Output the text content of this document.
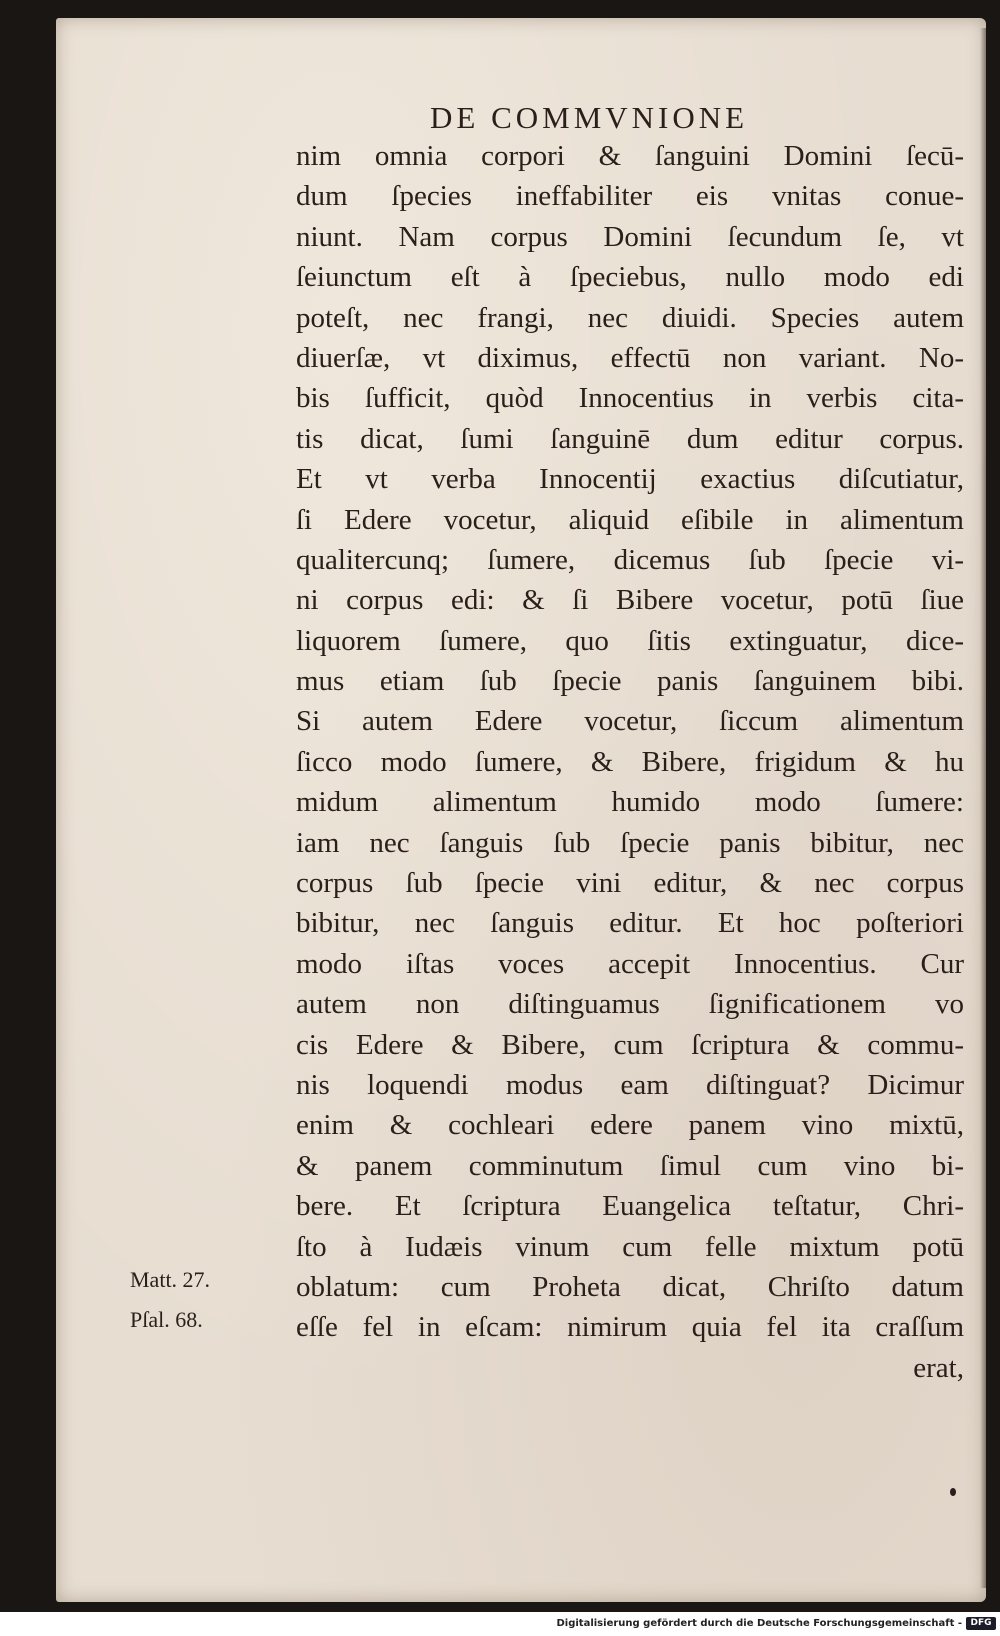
DE COMMVNIONE
nim omnia corpori & ſanguini Domini ſecū-
dum ſpecies ineffabiliter eis vnitas conue-
niunt. Nam corpus Domini ſecundum ſe, vt
ſeiunctum eſt à ſpeciebus, nullo modo edi
poteſt, nec frangi, nec diuidi. Species autem
diuerſæ, vt diximus, effectū non variant. No-
bis ſufficit, quòd Innocentius in verbis cita-
tis dicat, ſumi ſanguinē dum editur corpus.
Et vt verba Innocentij exactius diſcutiatur,
ſi Edere vocetur, aliquid eſibile in alimentum
qualitercunq; ſumere, dicemus ſub ſpecie vi-
ni corpus edi: & ſi Bibere vocetur, potū ſiue
liquorem ſumere, quo ſitis extinguatur, dice-
mus etiam ſub ſpecie panis ſanguinem bibi.
Si autem Edere vocetur, ſiccum alimentum
ſicco modo ſumere, & Bibere, frigidum & hu
midum alimentum humido modo ſumere:
iam nec ſanguis ſub ſpecie panis bibitur, nec
corpus ſub ſpecie vini editur, & nec corpus
bibitur, nec ſanguis editur. Et hoc poſteriori
modo iſtas voces accepit Innocentius. Cur
autem non diſtinguamus ſignificationem vo
cis Edere & Bibere, cum ſcriptura & commu-
nis loquendi modus eam diſtinguat? Dicimur
enim & cochleari edere panem vino mixtū,
& panem comminutum ſimul cum vino bi-
bere. Et ſcriptura Euangelica teſtatur, Chri-
ſto à Iudæis vinum cum felle mixtum potū
oblatum: cum Proheta dicat, Chriſto datum
eſſe fel in eſcam: nimirum quia fel ita craſſum
erat,
Matt. 27.
Pſal. 68.
Digitalisierung gefördert durch die Deutsche Forschungsgemeinschaft - DFG
